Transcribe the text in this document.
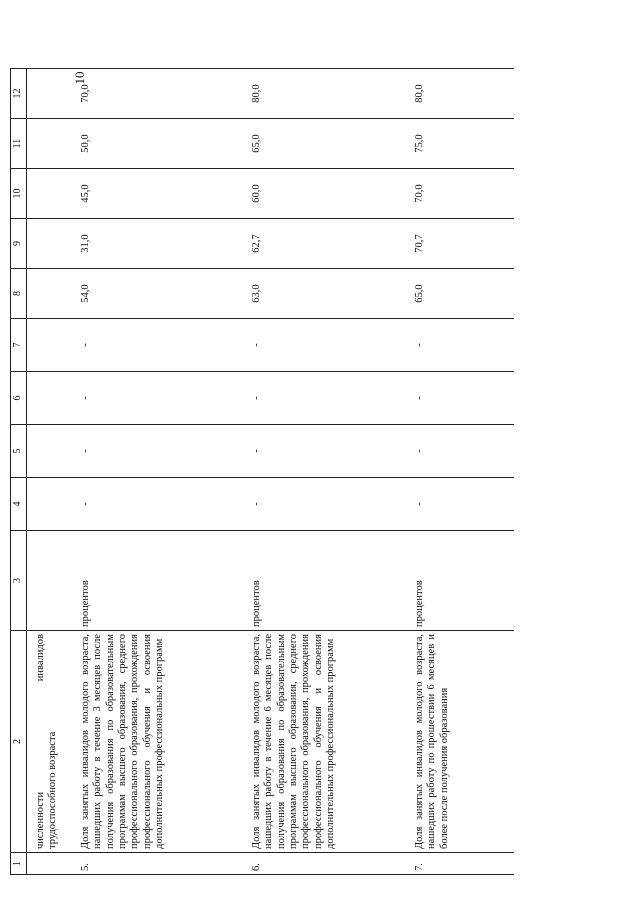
10
1	2	3	4	5	6	7	8	9	10	11	12

	численности
инвалидов
трудоспособного возраста										

5.	Доля занятых инвалидов молодого возраста, нашедших работу в течение 3 месяцев после получения образования по образовательным программам высшего образования, среднего профессионального образования, прохождения профессионального обучения и освоения дополнительных профессиональных программ	процентов	-	-	-	-	54,0	31,0	45,0	50,0	70,0
6.	Доля занятых инвалидов молодого возраста, нашедших работу в течение 6 месяцев после получения образования по образовательным программам высшего образования, среднего профессионального образования, прохождения профессионального обучения и освоения дополнительных профессиональных программ	процентов	-	-	-	-	63,0	62,7	60,0	65,0	80,0
7.	Доля занятых инвалидов молодого возраста, нашедших работу по прошествии 6 месяцев и более после получения образования	процентов	-	-	-	-	65,0	70,7	70,0	75,0	80,0
